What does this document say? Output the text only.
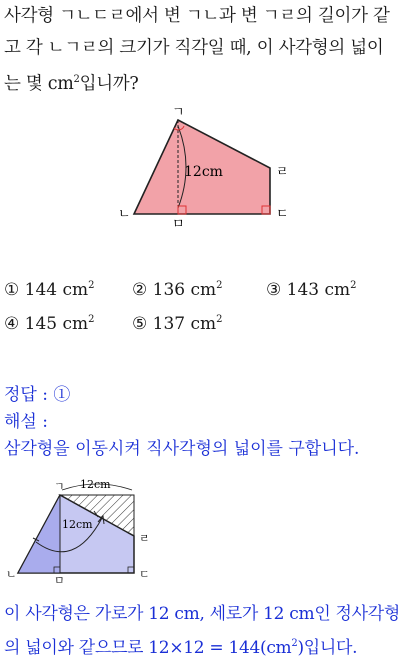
사각형 ㄱㄴㄷㄹ에서 변 ㄱㄴ과 변 ㄱㄹ의 길이가 같
고 각 ㄴㄱㄹ의 크기가 직각일 때, 이 사각형의 넓이
는 몇 $cm^2$입니까?
ㄱ
ㄴ
ㅁ
ㄷ
ㄹ
12cm
① 144 $cm^2$ ② 136 $cm^2$	③ 143 $cm^2$
④ 145 $cm^2$ ⑤ 137 $cm^2$
정답 : ①
해설 :
삼각형을 이동시켜 직사각형의 넓이를 구합니다.
ㄱ
ㄴ	ㅁ	ㄷ
ㄹ
12cm
12cm
이 사각형은 가로가 12 cm, 세로가 12 cm인 정사각형
의 넓이와 같으므로 $12\times 12 = 144(cm^2)$입니다.
